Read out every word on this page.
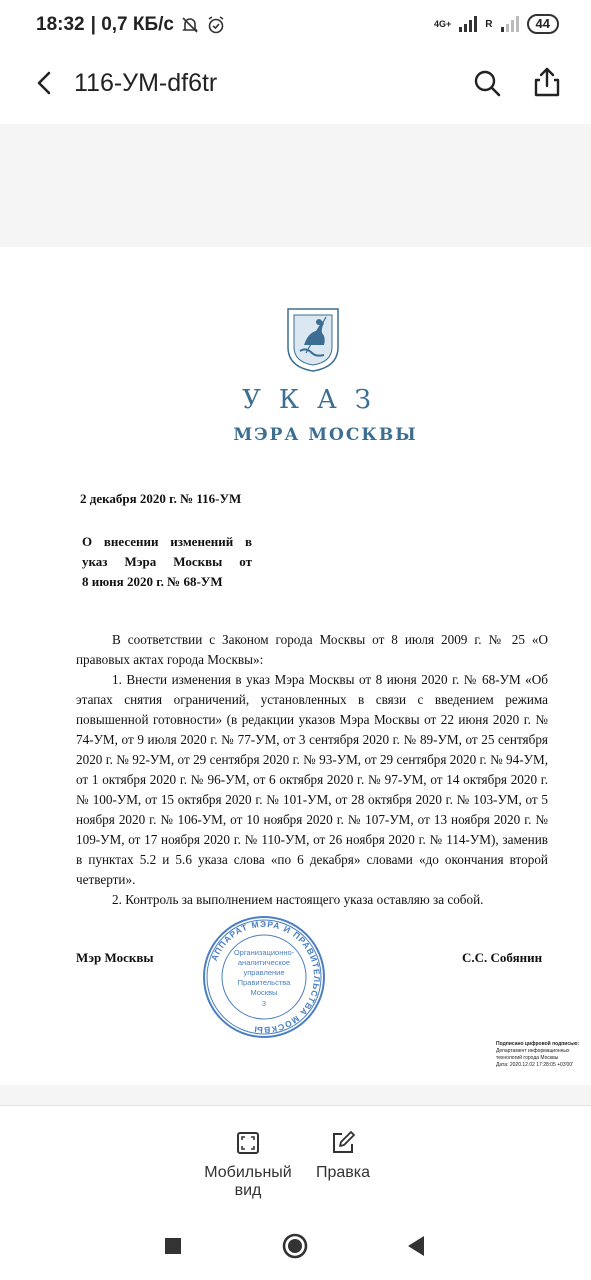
18:32 | 0,7 КБ/с	4G+	R	44
116-УМ-df6tr
УКАЗ
МЭРА МОСКВЫ
2 декабря 2020 г. № 116-УМ
О внесении изменений в
указ Мэра Москвы от
8 июня 2020 г. № 68-УМ

В соответствии с Законом города Москвы от 8 июля 2009 г. № 25 «О правовых актах города Москвы»:

1. Внести изменения в указ Мэра Москвы от 8 июня 2020 г. № 68-УМ «Об этапах снятия ограничений, установленных в связи с введением режима повышенной готовности» (в редакции указов Мэра Москвы от 22 июня 2020 г. № 74-УМ, от 9 июля 2020 г. № 77-УМ, от 3 сентября 2020 г. № 89-УМ, от 25 сентября 2020 г. № 92-УМ, от 29 сентября 2020 г. № 93-УМ, от 29 сентября 2020 г. № 94-УМ, от 1 октября 2020 г. № 96-УМ, от 6 октября 2020 г. № 97-УМ, от 14 октября 2020 г. № 100-УМ, от 15 октября 2020 г. № 101-УМ, от 28 октября 2020 г. № 103-УМ, от 5 ноября 2020 г. № 106-УМ, от 10 ноября 2020 г. № 107-УМ, от 13 ноября 2020 г. № 109-УМ, от 17 ноября 2020 г. № 110-УМ, от 26 ноября 2020 г. № 114-УМ), заменив в пунктах 5.2 и 5.6 указа слова «по 6 декабря» словами «до окончания второй четверти».

2. Контроль за выполнением настоящего указа оставляю за собой.

АППАРАТ МЭРА И ПРАВИТЕЛЬСТВА МОСКВЫ
Организационно-
аналитическое
управление
Правительства
Москвы
3
Мэр Москвы	С.С. Собянин
Подписано цифровой подписью:
Департамент информационных технологий города Москвы
Дата: 2020.12.02 17:28:05 +03'00'
Мобильный
вид
Правка
